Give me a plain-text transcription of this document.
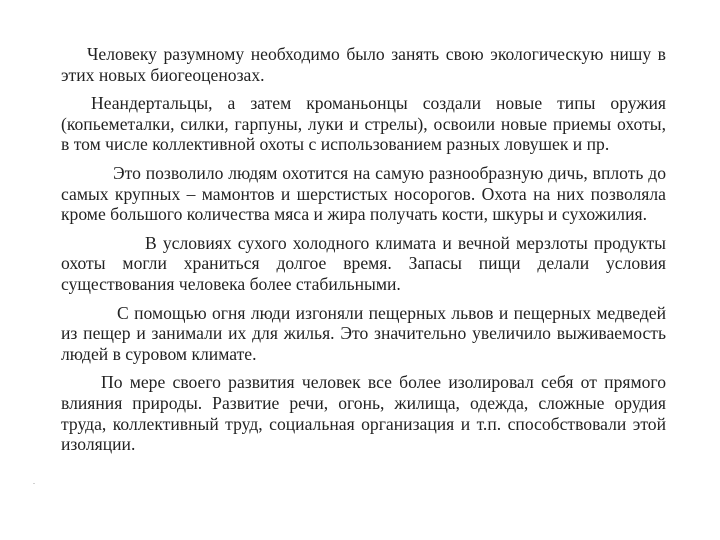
Человеку разумному необходимо было занять свою экологическую нишу в этих новых биогеоценозах.

Неандертальцы, а затем кроманьонцы создали новые типы оружия (копьеметалки, силки, гарпуны, луки и стрелы), освоили новые приемы охоты, в том числе коллективной охоты с использованием разных ловушек и пр.

Это позволило людям охотится на самую разнообразную дичь, вплоть до самых крупных – мамонтов и шерстистых носорогов. Охота на них позволяла кроме большого количества мяса и жира получать кости, шкуры и сухожилия.

В условиях сухого холодного климата и вечной мерзлоты продукты охоты могли храниться долгое время. Запасы пищи делали условия существования человека более стабильными.

С помощью огня люди изгоняли пещерных львов и пещерных медведей из пещер и занимали их для жилья. Это значительно увеличило выживаемость людей в суровом климате.

По мере своего развития человек все более изолировал себя от прямого влияния природы. Развитие речи, огонь, жилища, одежда, сложные орудия труда, коллективный труд, социальная организация и т.п. способствовали этой изоляции.

.
